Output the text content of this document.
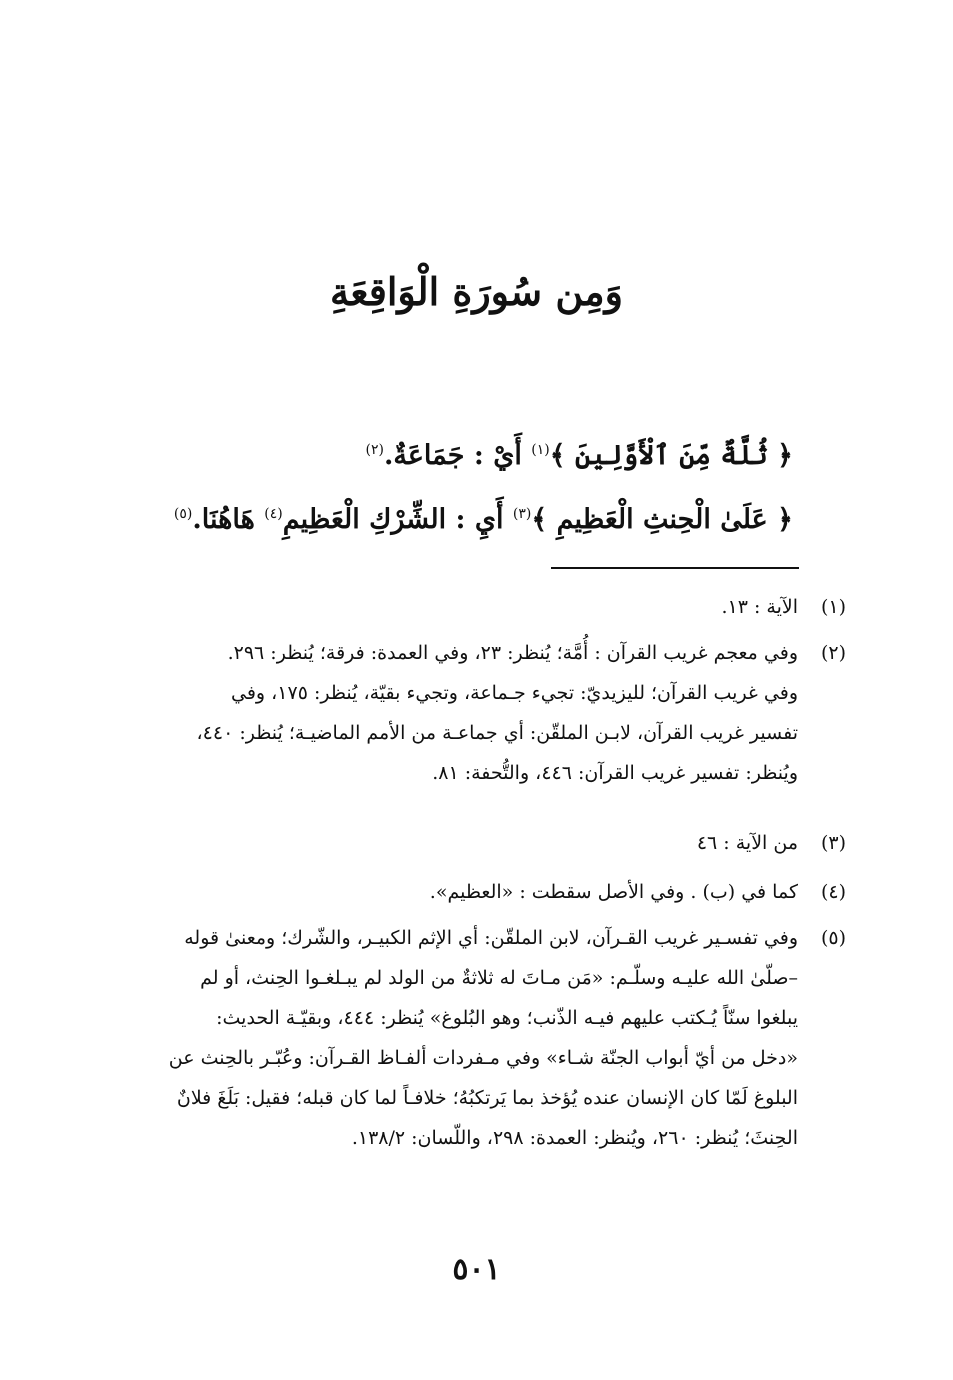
وَمِن سُورَةِ الْوَاقِعَةِ
﴿ ثُلَّةٌ مِّنَ ٱلْأَوَّلِينَ ﴾$^{(١)}$ أَيْ : جَمَاعَةٌ.$^{(٢)}$
﴿ عَلَىٰ الْحِنثِ الْعَظِيمِ ﴾$^{(٣)}$ أَيِ : الشِّرْكِ الْعَظِيمِ$^{(٤)}$ هَاهُنَا.$^{(٥)}$
(١)
الآية : ١٣.
(٢)
وفي معجم غريب القرآن : أُمَّة؛ يُنظر: ٢٣، وفي العمدة: فرقة؛ يُنظر: ٢٩٦.
وفي غريب القرآن؛ لليزيديّ: تجيء جـماعة، وتجيء بقيّة، يُنظر: ١٧٥، وفي
تفسير غريب القرآن، لابـن الملقّن: أي جماعـة من الأمم الماضيـة؛ يُنظر: ٤٤٠،
ويُنظر: تفسير غريب القرآن: ٤٤٦، والتُّحفة: ٨١.
(٣)
من الآية : ٤٦
(٤)
كما في (ب) . وفي الأصل سقطت : «العظيم».
(٥)
وفي تفسـير غريب القـرآن، لابن الملقّن: أي الإثم الكبيـر، والشّرك؛ ومعنىٰ قوله
–صلّىٰ الله عليـه وسلّـم: «مَن مـاتَ له ثلاثةٌ من الولد لم يبـلغـوا الحِنث، أو لم
يبلغوا سنّاً يُـكتب عليهم فيـه الذّنب؛ وهو البُلوغ» يُنظر: ٤٤٤، وبقيّـة الحديث:
«دخل من أيّ أبواب الجنّة شـاء» وفي مـفردات ألفـاظ القـرآن: وعُبّـر بالحِنث عن
البلوغ لَمّا كان الإنسان عنده يُؤخذ بما يَرتكبُهُ؛ خلافـاً لما كان قبله؛ فقيل: بَلَغَ فلانٌ
الحِنثَ؛ يُنظر: ٢٦٠، ويُنظر: العمدة: ٢٩٨، واللّسان: ١٣٨/٢.
٥٠١
